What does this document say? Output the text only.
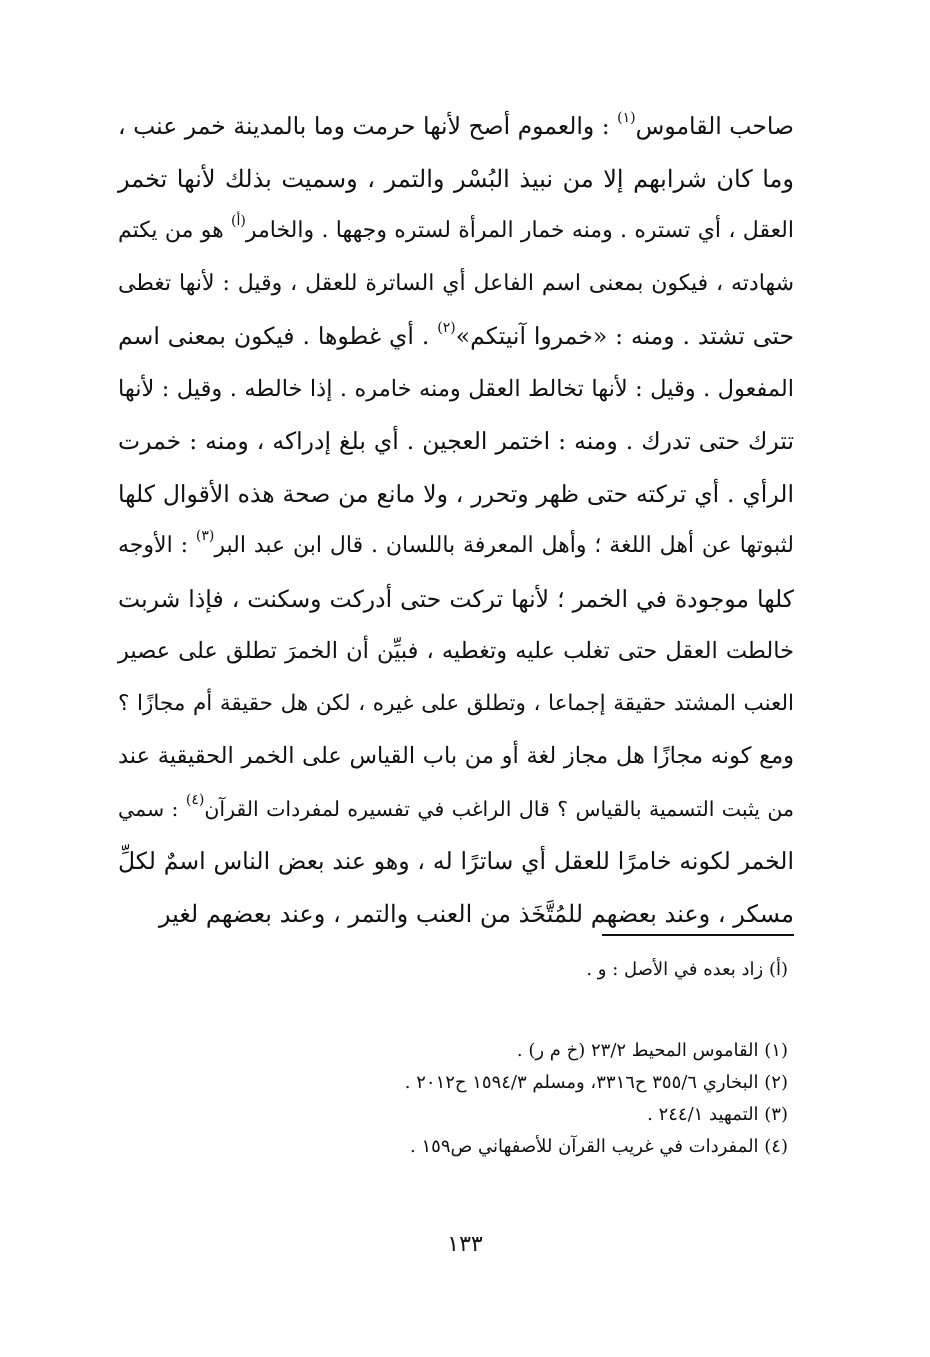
صاحب القاموس$^{(١)}$ : والعموم أصح لأنها حرمت وما بالمدينة خمر عنب ،
وما كان شرابهم إلا من نبيذ البُسْر والتمر ، وسميت بذلك لأنها تخمر
العقل ، أي تستره . ومنه خمار المرأة لستره وجهها . والخامر$^{(أ)}$ هو من يكتم
شهادته ، فيكون بمعنى اسم الفاعل أي الساترة للعقل ، وقيل : لأنها تغطى
حتى تشتد . ومنه : «خمروا آنيتكم»$^{(٢)}$ . أي غطوها . فيكون بمعنى اسم
المفعول . وقيل : لأنها تخالط العقل ومنه خامره . إذا خالطه . وقيل : لأنها
تترك حتى تدرك . ومنه : اختمر العجين . أي بلغ إدراكه ، ومنه : خمرت
الرأي . أي تركته حتى ظهر وتحرر ، ولا مانع من صحة هذه الأقوال كلها
لثبوتها عن أهل اللغة ؛ وأهل المعرفة باللسان . قال ابن عبد البر$^{(٣)}$ : الأوجه
كلها موجودة في الخمر ؛ لأنها تركت حتى أدركت وسكنت ، فإذا شربت
خالطت العقل حتى تغلب عليه وتغطيه ، فبيِّن أن الخمرَ تطلق على عصير
العنب المشتد حقيقة إجماعا ، وتطلق على غيره ، لكن هل حقيقة أم مجازًا ؟
ومع كونه مجازًا هل مجاز لغة أو من باب القياس على الخمر الحقيقية عند
من يثبت التسمية بالقياس ؟ قال الراغب في تفسيره لمفردات القرآن$^{(٤)}$ : سمي
الخمر لكونه خامرًا للعقل أي ساترًا له ، وهو عند بعض الناس اسمٌ لكلِّ
مسكر ، وعند بعضهم للمُتَّخَذ من العنب والتمر ، وعند بعضهم لغير
(أ) زاد بعده في الأصل : و .
(١) القاموس المحيط ٢٣/٢ (خ م ر) .
(٢) البخاري ٣٥٥/٦ ح٣٣١٦، ومسلم ١٥٩٤/٣ ح٢٠١٢ .
(٣) التمهيد ٢٤٤/١ .
(٤) المفردات في غريب القرآن للأصفهاني ص١٥٩ .
١٣٣
